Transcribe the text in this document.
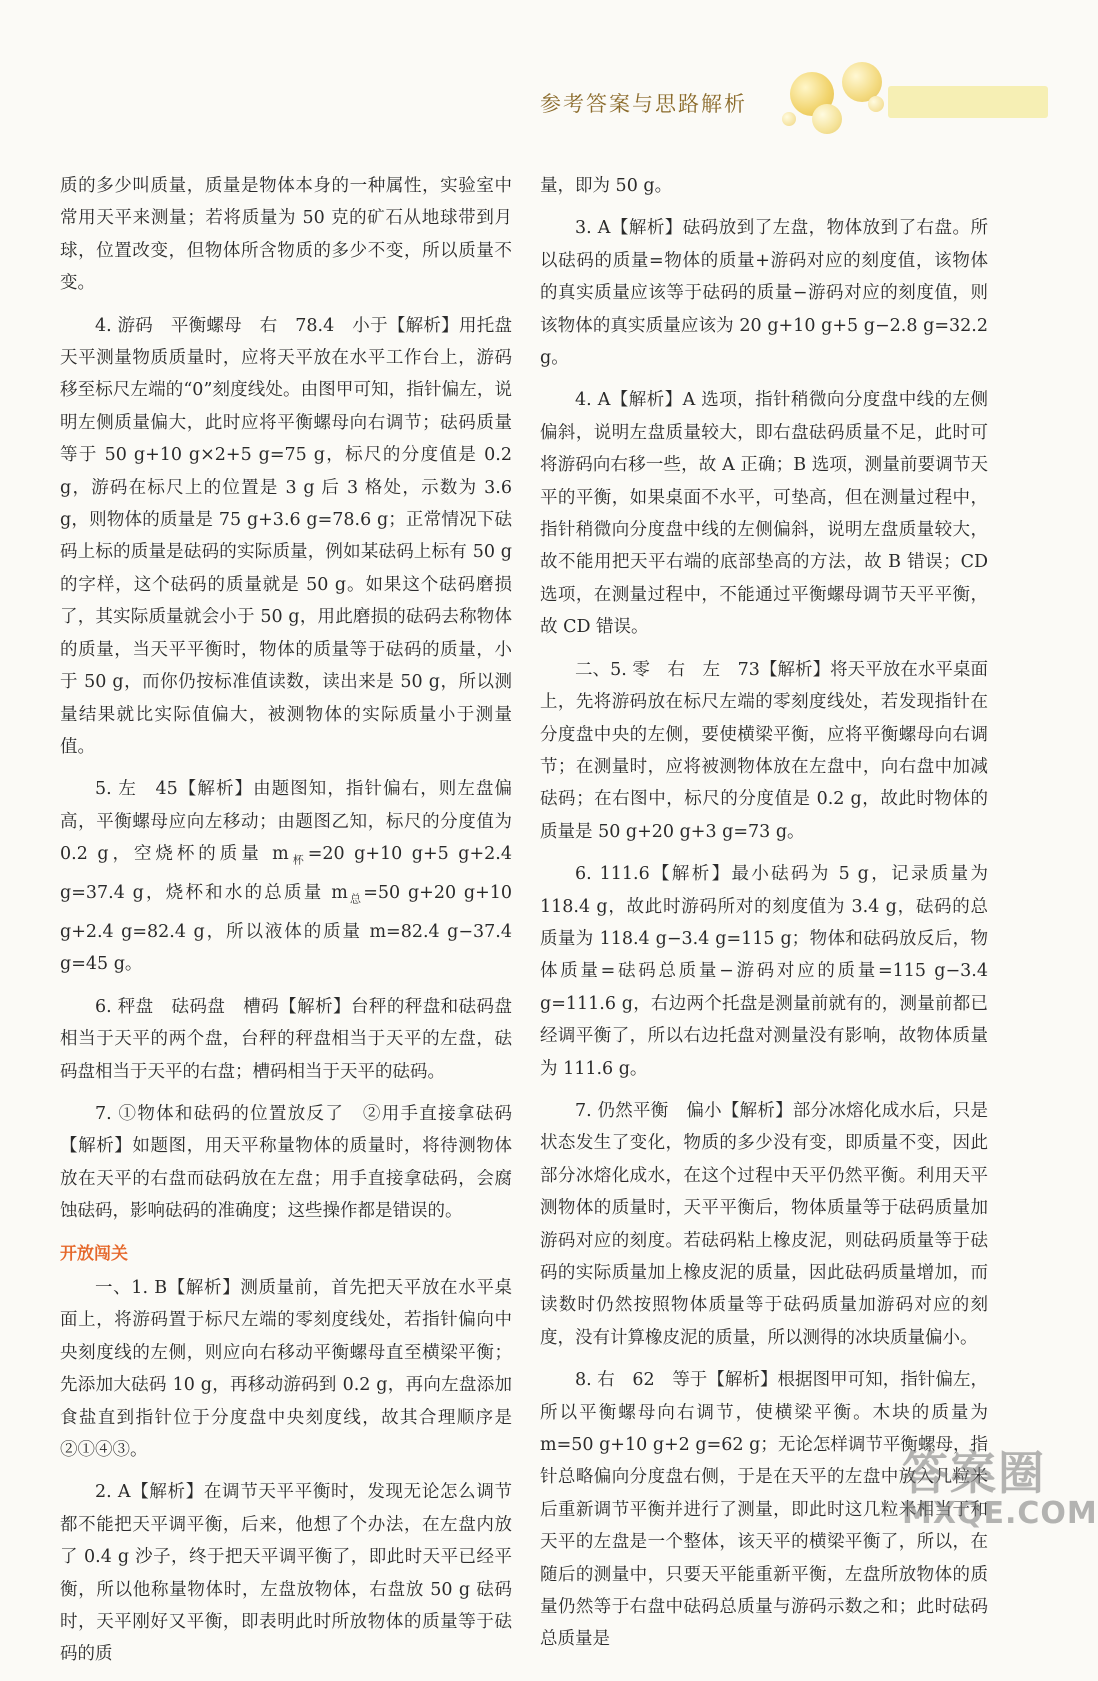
参考答案与思路解析

质的多少叫质量，质量是物体本身的一种属性，实验室中常用天平来测量；若将质量为 50 克的矿石从地球带到月球，位置改变，但物体所含物质的多少不变，所以质量不变。

4. 游码　平衡螺母　右　78.4　小于【解析】用托盘天平测量物质质量时，应将天平放在水平工作台上，游码移至标尺左端的“0”刻度线处。由图甲可知，指针偏左，说明左侧质量偏大，此时应将平衡螺母向右调节；砝码质量等于 50 g+10 g×2+5 g=75 g，标尺的分度值是 0.2 g，游码在标尺上的位置是 3 g 后 3 格处，示数为 3.6 g，则物体的质量是 75 g+3.6 g=78.6 g；正常情况下砝码上标的质量是砝码的实际质量，例如某砝码上标有 50 g 的字样，这个砝码的质量就是 50 g。如果这个砝码磨损了，其实际质量就会小于 50 g，用此磨损的砝码去称物体的质量，当天平平衡时，物体的质量等于砝码的质量，小于 50 g，而你仍按标准值读数，读出来是 50 g，所以测量结果就比实际值偏大，被测物体的实际质量小于测量值。

5. 左　45【解析】由题图知，指针偏右，则左盘偏高，平衡螺母应向左移动；由题图乙知，标尺的分度值为 0.2 g，空烧杯的质量 $m_杯=20$ g+10 g+5 g+2.4 g=37.4 g，烧杯和水的总质量 $m_总=50$ g+20 g+10 g+2.4 g=82.4 g，所以液体的质量 m=82.4 g−37.4 g=45 g。

6. 秤盘　砝码盘　槽码【解析】台秤的秤盘和砝码盘相当于天平的两个盘，台秤的秤盘相当于天平的左盘，砝码盘相当于天平的右盘；槽码相当于天平的砝码。

7. ①物体和砝码的位置放反了　②用手直接拿砝码【解析】如题图，用天平称量物体的质量时，将待测物体放在天平的右盘而砝码放在左盘；用手直接拿砝码，会腐蚀砝码，影响砝码的准确度；这些操作都是错误的。

开放闯关

一、1. B【解析】测质量前，首先把天平放在水平桌面上，将游码置于标尺左端的零刻度线处，若指针偏向中央刻度线的左侧，则应向右移动平衡螺母直至横梁平衡；先添加大砝码 10 g，再移动游码到 0.2 g，再向左盘添加食盐直到指针位于分度盘中央刻度线，故其合理顺序是②①④③。

2. A【解析】在调节天平平衡时，发现无论怎么调节都不能把天平调平衡，后来，他想了个办法，在左盘内放了 0.4 g 沙子，终于把天平调平衡了，即此时天平已经平衡，所以他称量物体时，左盘放物体，右盘放 50 g 砝码时，天平刚好又平衡，即表明此时所放物体的质量等于砝码的质

量，即为 50 g。

3. A【解析】砝码放到了左盘，物体放到了右盘。所以砝码的质量=物体的质量+游码对应的刻度值，该物体的真实质量应该等于砝码的质量−游码对应的刻度值，则该物体的真实质量应该为 20 g+10 g+5 g−2.8 g=32.2 g。

4. A【解析】A 选项，指针稍微向分度盘中线的左侧偏斜，说明左盘质量较大，即右盘砝码质量不足，此时可将游码向右移一些，故 A 正确；B 选项，测量前要调节天平的平衡，如果桌面不水平，可垫高，但在测量过程中，指针稍微向分度盘中线的左侧偏斜，说明左盘质量较大，故不能用把天平右端的底部垫高的方法，故 B 错误；CD 选项，在测量过程中，不能通过平衡螺母调节天平平衡，故 CD 错误。

二、5. 零　右　左　73【解析】将天平放在水平桌面上，先将游码放在标尺左端的零刻度线处，若发现指针在分度盘中央的左侧，要使横梁平衡，应将平衡螺母向右调节；在测量时，应将被测物体放在左盘中，向右盘中加减砝码；在右图中，标尺的分度值是 0.2 g，故此时物体的质量是 50 g+20 g+3 g=73 g。

6. 111.6【解析】最小砝码为 5 g，记录质量为 118.4 g，故此时游码所对的刻度值为 3.4 g，砝码的总质量为 118.4 g−3.4 g=115 g；物体和砝码放反后，物体质量=砝码总质量−游码对应的质量=115 g−3.4 g=111.6 g，右边两个托盘是测量前就有的，测量前都已经调平衡了，所以右边托盘对测量没有影响，故物体质量为 111.6 g。

7. 仍然平衡　偏小【解析】部分冰熔化成水后，只是状态发生了变化，物质的多少没有变，即质量不变，因此部分冰熔化成水，在这个过程中天平仍然平衡。利用天平测物体的质量时，天平平衡后，物体质量等于砝码质量加游码对应的刻度。若砝码粘上橡皮泥，则砝码质量等于砝码的实际质量加上橡皮泥的质量，因此砝码质量增加，而读数时仍然按照物体质量等于砝码质量加游码对应的刻度，没有计算橡皮泥的质量，所以测得的冰块质量偏小。

8. 右　62　等于【解析】根据图甲可知，指针偏左，所以平衡螺母向右调节，使横梁平衡。木块的质量为 m=50 g+10 g+2 g=62 g；无论怎样调节平衡螺母，指针总略偏向分度盘右侧，于是在天平的左盘中放入几粒米后重新调节平衡并进行了测量，即此时这几粒米相当于和天平的左盘是一个整体，该天平的横梁平衡了，所以，在随后的测量中，只要天平能重新平衡，左盘所放物体的质量仍然等于右盘中砝码总质量与游码示数之和；此时砝码总质量是

答案圈
MXQE.COM
